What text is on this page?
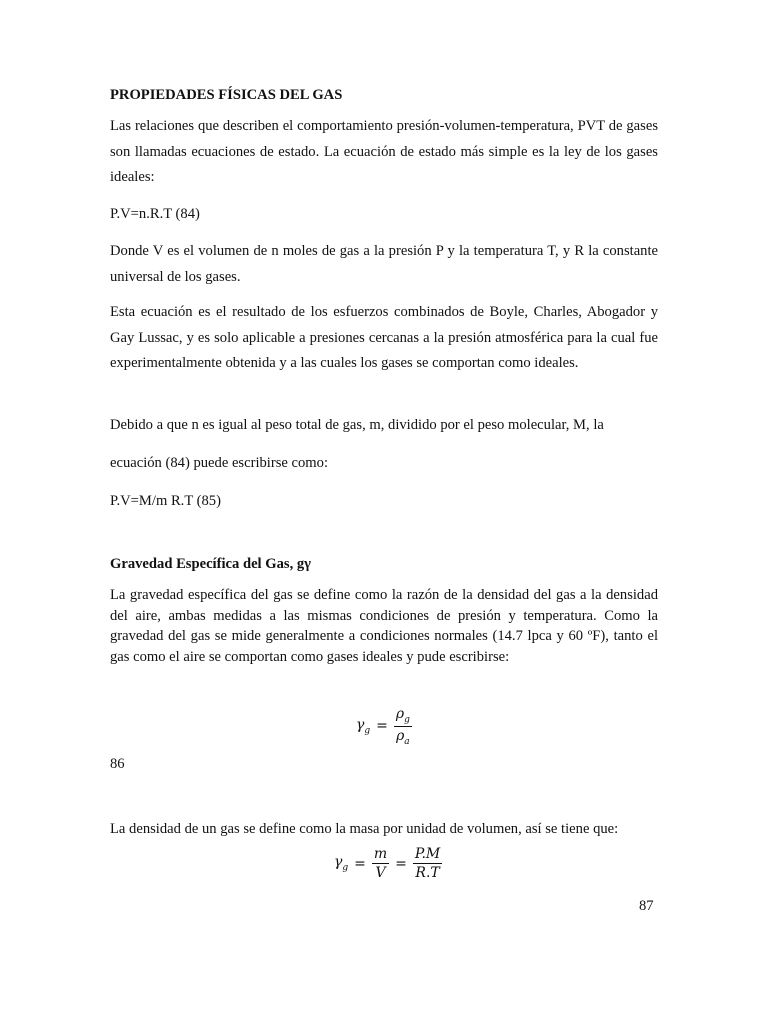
PROPIEDADES FÍSICAS DEL GAS

Las relaciones que describen el comportamiento presión-volumen-temperatura, PVT de gases son llamadas ecuaciones de estado. La ecuación de estado más simple es la ley de los gases ideales:

P.V=n.R.T (84)

Donde V es el volumen de n moles de gas a la presión P y la temperatura T, y R la constante universal de los gases.

Esta ecuación es el resultado de los esfuerzos combinados de Boyle, Charles, Abogador y Gay Lussac, y es solo aplicable a presiones cercanas a la presión atmosférica para la cual fue experimentalmente obtenida y a las cuales los gases se comportan como ideales.

Debido a que n es igual al peso total de gas, m, dividido por el peso molecular, M, la

ecuación (84) puede escribirse como:

P.V=M/m R.T (85)

Gravedad Específica del Gas, gγ

La gravedad específica del gas se define como la razón de la densidad del gas a la densidad del aire, ambas medidas a las mismas condiciones de presión y temperatura. Como la gravedad del gas se mide generalmente a condiciones normales (14.7 lpca y 60 ºF), tanto el gas como el aire se comportan como gases ideales y pude escribirse:

$\gamma_g = \frac{\rho_g}{\rho_a}$
86

La densidad de un gas se define como la masa por unidad de volumen, así se tiene que:

$\gamma_g = \frac{m}{V} = \frac{P.M}{R.T}$
87
